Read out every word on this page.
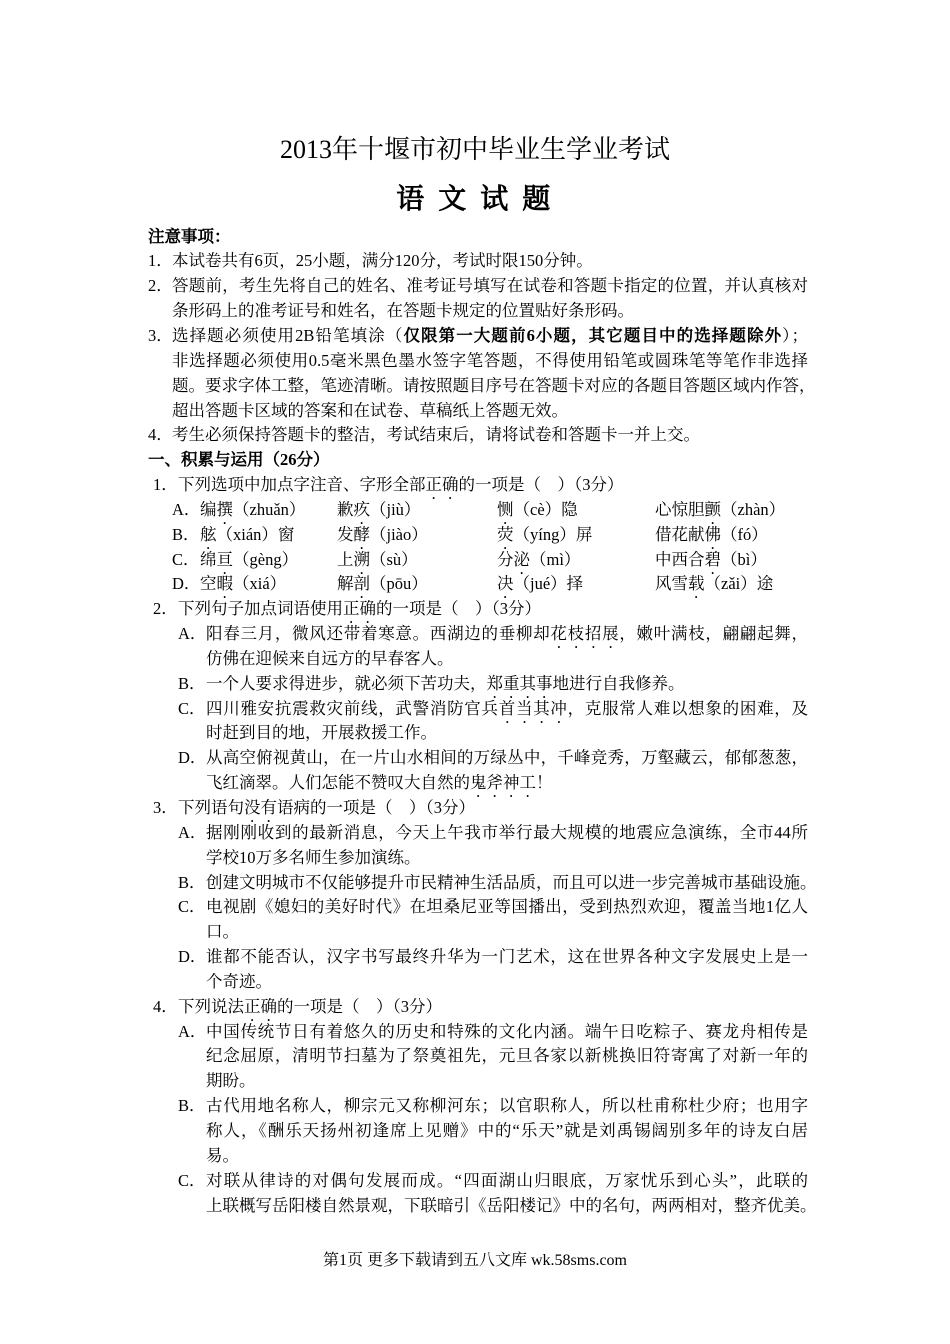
2013年十堰市初中毕业生学业考试
语 文 试 题
注意事项：
1． 本试卷共有6页，25小题，满分120分，考试时限150分钟。
2． 答题前，考生先将自己的姓名、准考证号填写在试卷和答题卡指定的位置，并认真核对
条形码上的准考证号和姓名，在答题卡规定的位置贴好条形码。
3． 选择题必须使用2B铅笔填涂（仅限第一大题前6小题，其它题目中的选择题除外）；
非选择题必须使用0.5毫米黑色墨水签字笔答题，不得使用铅笔或圆珠笔等笔作非选择
题。要求字体工整，笔迹清晰。请按照题目序号在答题卡对应的各题目答题区域内作答，
超出答题卡区域的答案和在试卷、草稿纸上答题无效。
4． 考生必须保持答题卡的整洁，考试结束后，请将试卷和答题卡一并上交。
一、积累与运用（26分）
1． 下列选项中加点字注音、字形全部正确的一项是（　）（3分）
A． 编撰（zhuǎn）	歉疚（jiù）	恻（cè）隐	心惊胆颤（zhàn）
B． 舷（xián）窗	发酵（jiào）	荧（yíng）屏	借花献佛（fó）
C． 绵亘（gèng）	上溯（sù）	分泌（mì）	中西合碧（bì）
D． 空暇（xiá）	解剖（pōu）	决（jué）择	风雪载（zǎi）途
2． 下列句子加点词语使用正确的一项是（　）（3分）
A． 阳春三月，微风还带着寒意。西湖边的垂柳却花枝招展，嫩叶满枝，翩翩起舞，
仿佛在迎候来自远方的早春客人。
B． 一个人要求得进步，就必须下苦功夫，郑重其事地进行自我修养。
C． 四川雅安抗震救灾前线，武警消防官兵首当其冲，克服常人难以想象的困难，及
时赶到目的地，开展救援工作。
D． 从高空俯视黄山，在一片山水相间的万绿丛中，千峰竞秀，万壑藏云，郁郁葱葱，
飞红滴翠。人们怎能不赞叹大自然的鬼斧神工！
3． 下列语句没有语病的一项是（　）（3分）
A． 据刚刚收到的最新消息，今天上午我市举行最大规模的地震应急演练，全市44所
学校10万多名师生参加演练。
B． 创建文明城市不仅能够提升市民精神生活品质，而且可以进一步完善城市基础设施。
C． 电视剧《媳妇的美好时代》在坦桑尼亚等国播出，受到热烈欢迎，覆盖当地1亿人
口。
D． 谁都不能否认，汉字书写最终升华为一门艺术，这在世界各种文字发展史上是一
个奇迹。
4． 下列说法正确的一项是（　）（3分）
A． 中国传统节日有着悠久的历史和特殊的文化内涵。端午日吃粽子、赛龙舟相传是
纪念屈原，清明节扫墓为了祭奠祖先，元旦各家以新桃换旧符寄寓了对新一年的
期盼。
B． 古代用地名称人，柳宗元又称柳河东；以官职称人，所以杜甫称杜少府；也用字
称人，《酬乐天扬州初逢席上见赠》中的“乐天”就是刘禹锡阔别多年的诗友白居
易。
C． 对联从律诗的对偶句发展而成。“四面湖山归眼底，万家忧乐到心头”，此联的
上联概写岳阳楼自然景观，下联暗引《岳阳楼记》中的名句，两两相对，整齐优美。
第1页 更多下载请到五八文库 wk.58sms.com
